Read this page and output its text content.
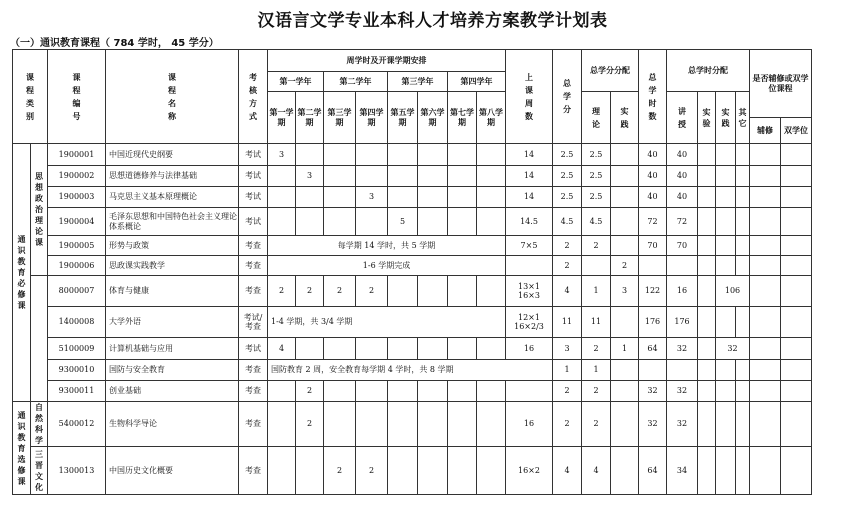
汉语言文学专业本科人才培养方案教学计划表
（一）通识教育课程（ 784 学时， 45 学分）
课程类别		课程编号	课程名称	考核方式	周学时及开课学期安排								上课周数	总学分	总学分分配		总学时数	总学时分配				是否辅修或双学位课程	
					第一学年		第二学年		第三学年		第四学年												
					第一学期	第二学期	第三学期	第四学期	第五学期	第六学期	第七学期	第八学期			理论	实践		讲授	实验	实践	其它		
																						辅修	双学位
通识教育必修课	思想政治理论课	1900001	中国近现代史纲要	考试	3								14	2.5	2.5		40	40					
		1900002	思想道德修养与法律基础	考试		3							14	2.5	2.5		40	40					
		1900003	马克思主义基本原理概论	考试				3					14	2.5	2.5		40	40					
		1900004	毛泽东思想和中国特色社会主义理论体系概论	考试					5				14.5	4.5	4.5		72	72					
		1900005	形势与政策	考查	每学期 14 学时，共 5 学期								7×5	2	2		70	70					
		1900006	思政课实践教学	考查	1-6 学期完成									2		2							
		8000007	体育与健康	考查	2	2	2	2					13×1 16×3	4	1	3	122	16		106			
		1400008	大学外语	考试/考查	1-4 学期，共 3/4 学期								12×1 16×2/3	11	11		176	176					
		5100009	计算机基础与应用	考试	4								16	3	2	1	64	32		32			
		9300010	国防与安全教育	考查	国防教育 2 周，安全教育每学期 4 学时，共 8 学期									1	1								
		9300011	创业基础	考查		2								2	2		32	32					
通识教育选修课	自然科学	5400012	生物科学导论	考查		2							16	2	2		32	32					
	三晋文化	1300013	中国历史文化概要	考查			2	2					16×2	4	4		64	34					
